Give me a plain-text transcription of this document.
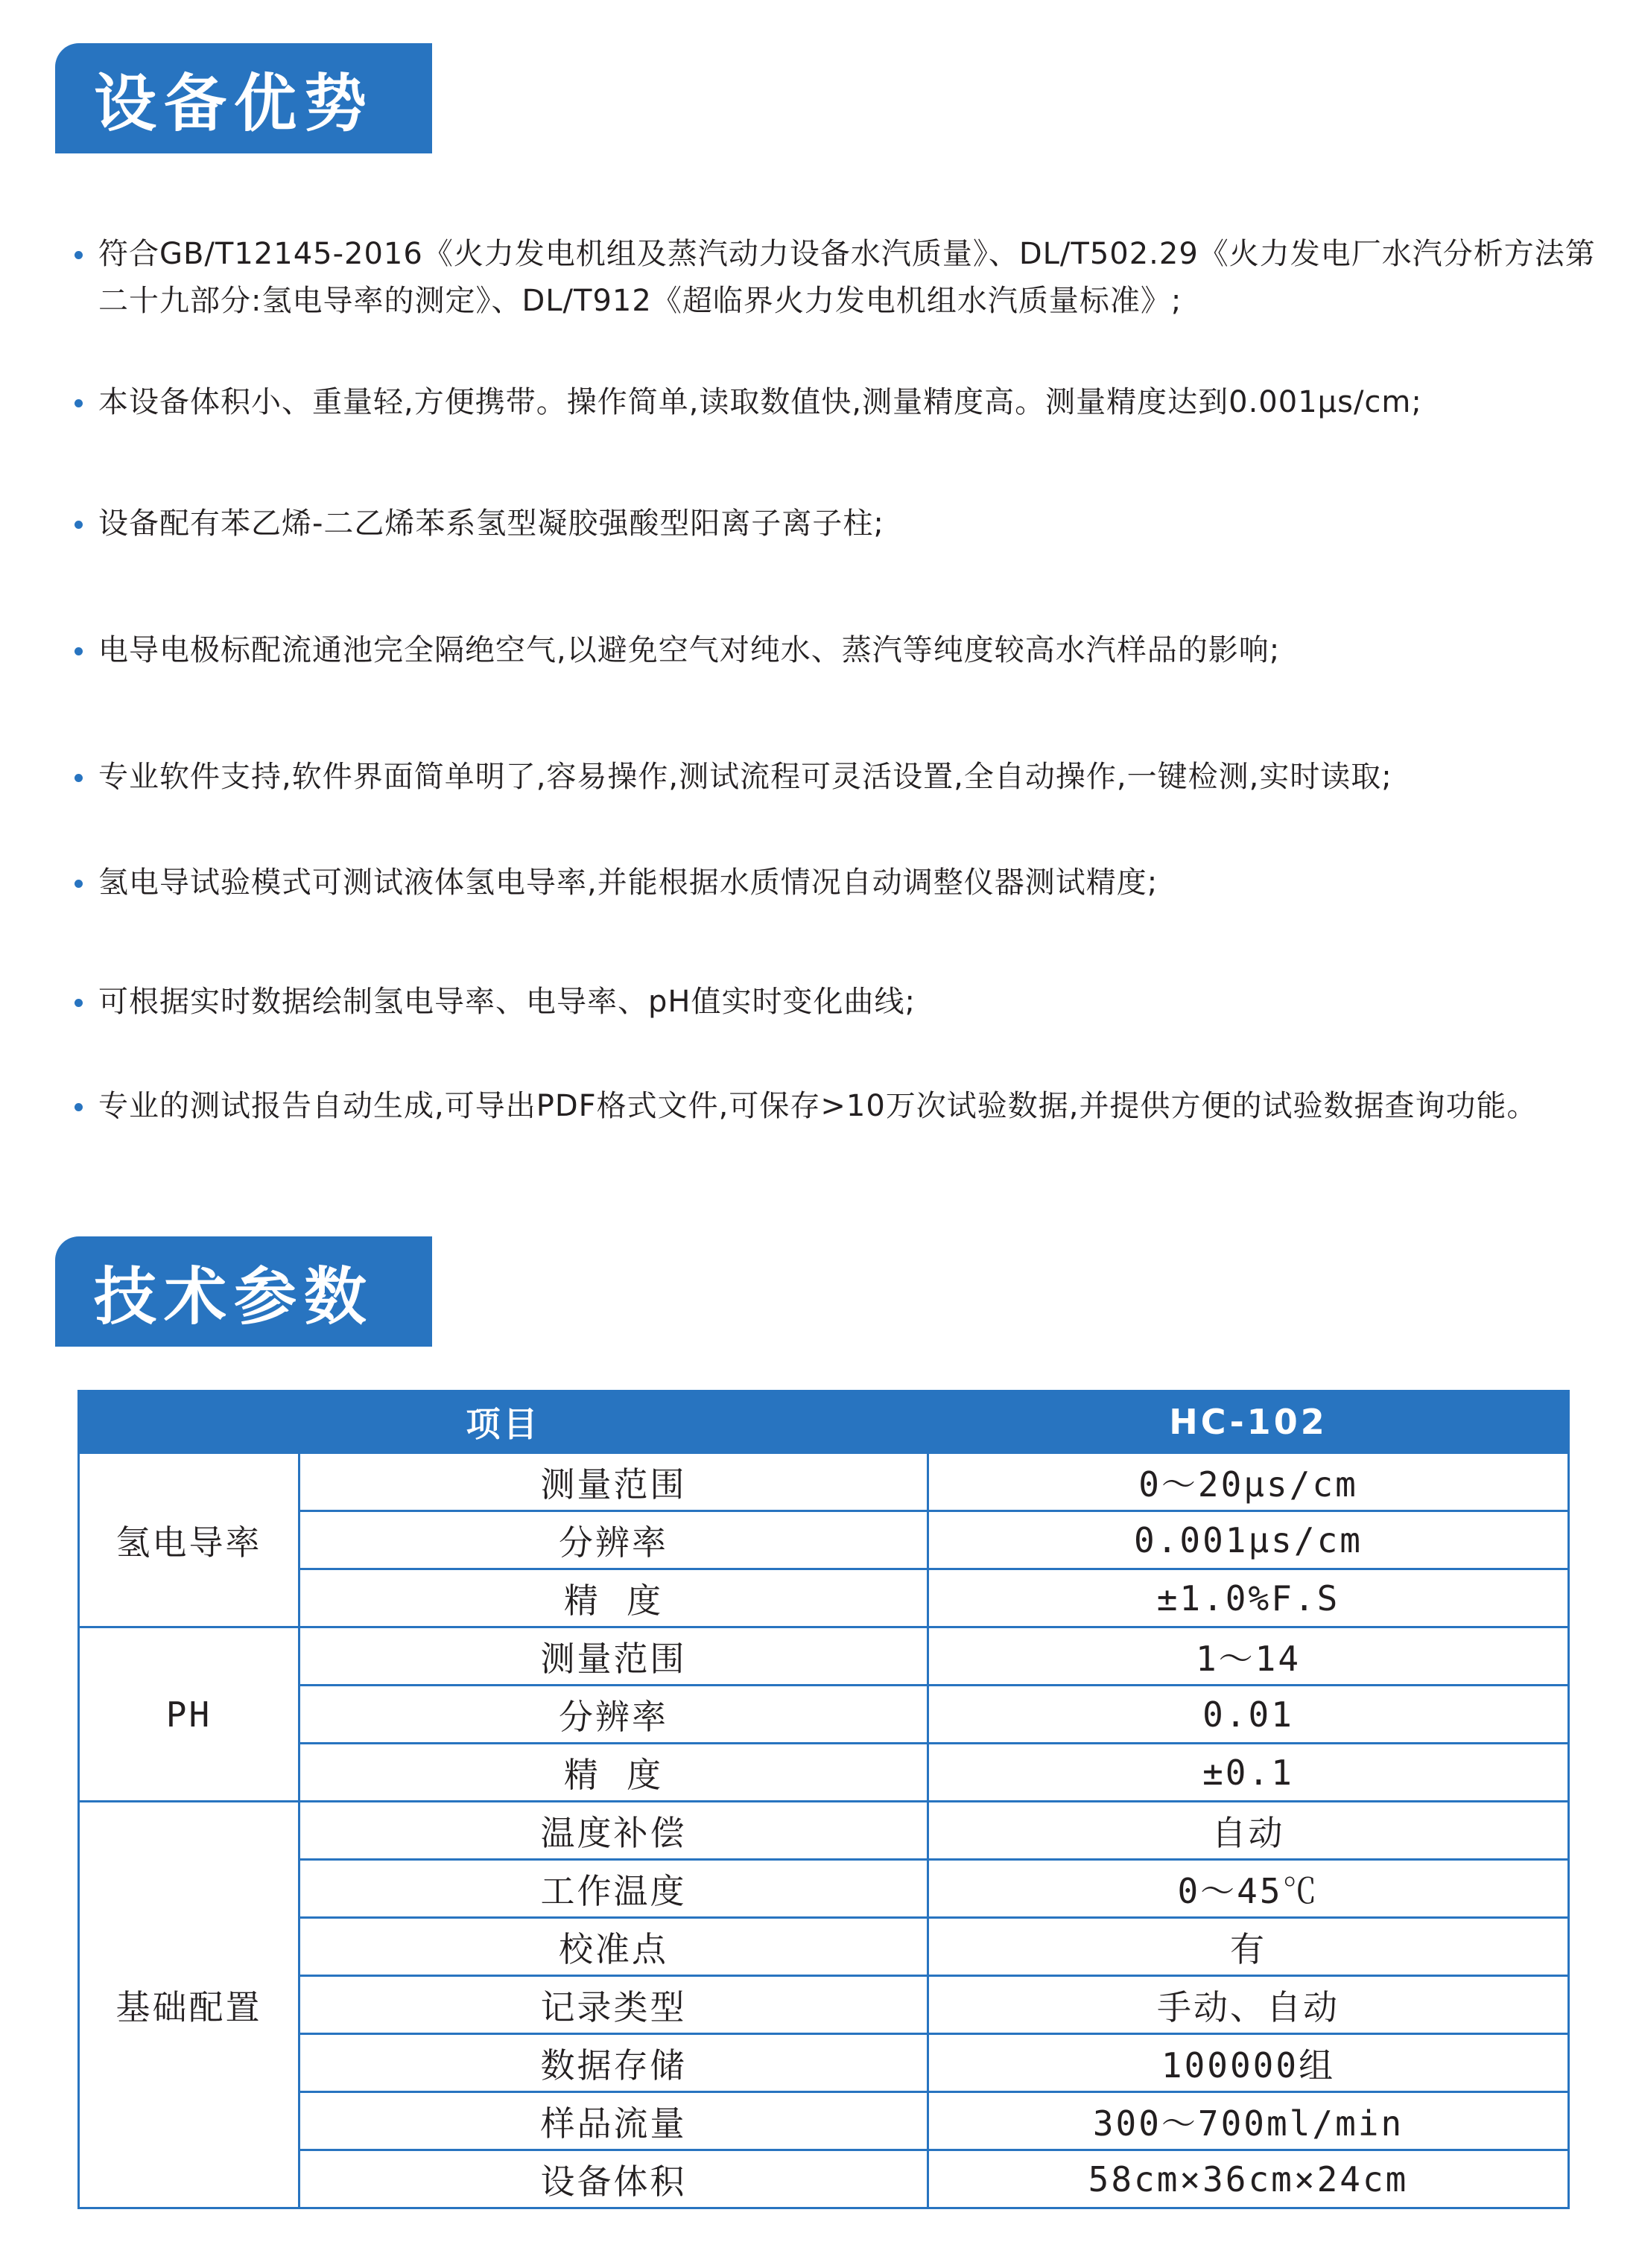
设备优势
符合GB/T12145-2016《火力发电机组及蒸汽动力设备水汽质量》、DL/T502.29《火力发电厂水汽分析方法第二十九部分:氢电导率的测定》、DL/T912《超临界火力发电机组水汽质量标准》;
本设备体积小、重量轻,方便携带。操作简单,读取数值快,测量精度高。测量精度达到0.001μs/cm;
设备配有苯乙烯-二乙烯苯系氢型凝胶强酸型阳离子离子柱;
电导电极标配流通池完全隔绝空气,以避免空气对纯水、蒸汽等纯度较高水汽样品的影响;
专业软件支持,软件界面简单明了,容易操作,测试流程可灵活设置,全自动操作,一键检测,实时读取;
氢电导试验模式可测试液体氢电导率,并能根据水质情况自动调整仪器测试精度;
可根据实时数据绘制氢电导率、电导率、pH值实时变化曲线;
专业的测试报告自动生成,可导出PDF格式文件,可保存>10万次试验数据,并提供方便的试验数据查询功能。
技术参数
项目		HC-102
氢电导率	测量范围	0～20μs/cm
	分辨率	0.001μs/cm
	精  度	±1.0%F.S
PH	测量范围	1～14
	分辨率	0.01
	精  度	±0.1
基础配置	温度补偿	自动
	工作温度	0～45℃
	校准点	有
	记录类型	手动、自动
	数据存储	100000组
	样品流量	300～700ml/min
	设备体积	58cm×36cm×24cm
